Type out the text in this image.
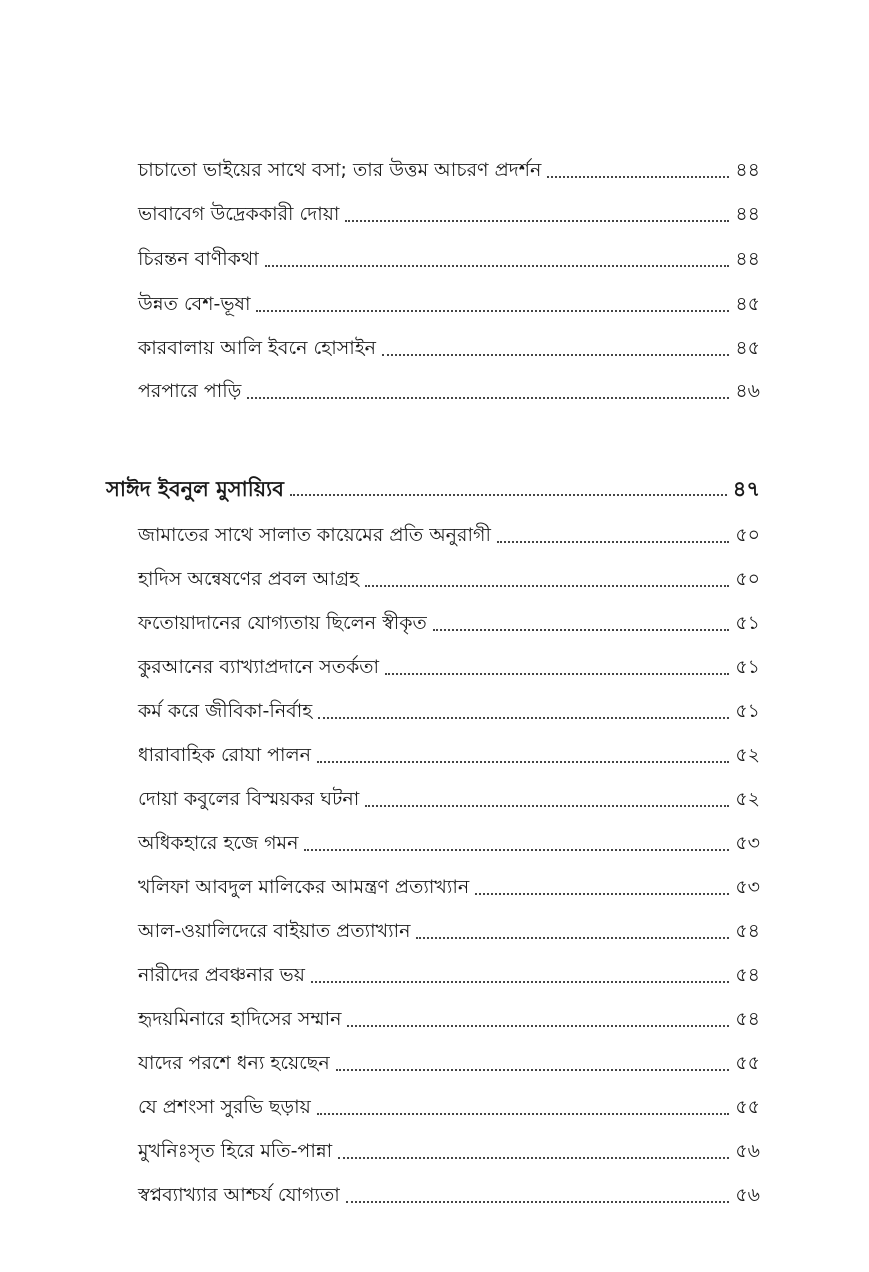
চাচাতো ভাইয়ের সাথে বসা; তার উত্তম আচরণ প্রদর্শন	৪৪
ভাবাবেগ উদ্রেককারী দোয়া	৪৪
চিরন্তন বাণীকথা	৪৪
উন্নত বেশ-ভূষা	৪৫
কারবালায় আলি ইবনে হোসাইন	৪৫
পরপারে পাড়ি	৪৬
সাঈদ ইবনুল মুসায়্যিব	৪৭
জামাতের সাথে সালাত কায়েমের প্রতি অনুরাগী	৫০
হাদিস অন্বেষণের প্রবল আগ্রহ	৫০
ফতোয়াদানের যোগ্যতায় ছিলেন স্বীকৃত	৫১
কুরআনের ব্যাখ্যাপ্রদানে সতর্কতা	৫১
কর্ম করে জীবিকা-নির্বাহ	৫১
ধারাবাহিক রোযা পালন	৫২
দোয়া কবুলের বিস্ময়কর ঘটনা	৫২
অধিকহারে হজে গমন	৫৩
খলিফা আবদুল মালিকের আমন্ত্রণ প্রত্যাখ্যান	৫৩
আল-ওয়ালিদেরে বাইয়াত প্রত্যাখ্যান	৫৪
নারীদের প্রবঞ্চনার ভয়	৫৪
হৃদয়মিনারে হাদিসের সম্মান	৫৪
যাদের পরশে ধন্য হয়েছেন	৫৫
যে প্রশংসা সুরভি ছড়ায়	৫৫
মুখনিঃসৃত হিরে মতি-পান্না	৫৬
স্বপ্নব্যাখ্যার আশ্চর্য যোগ্যতা	৫৬
